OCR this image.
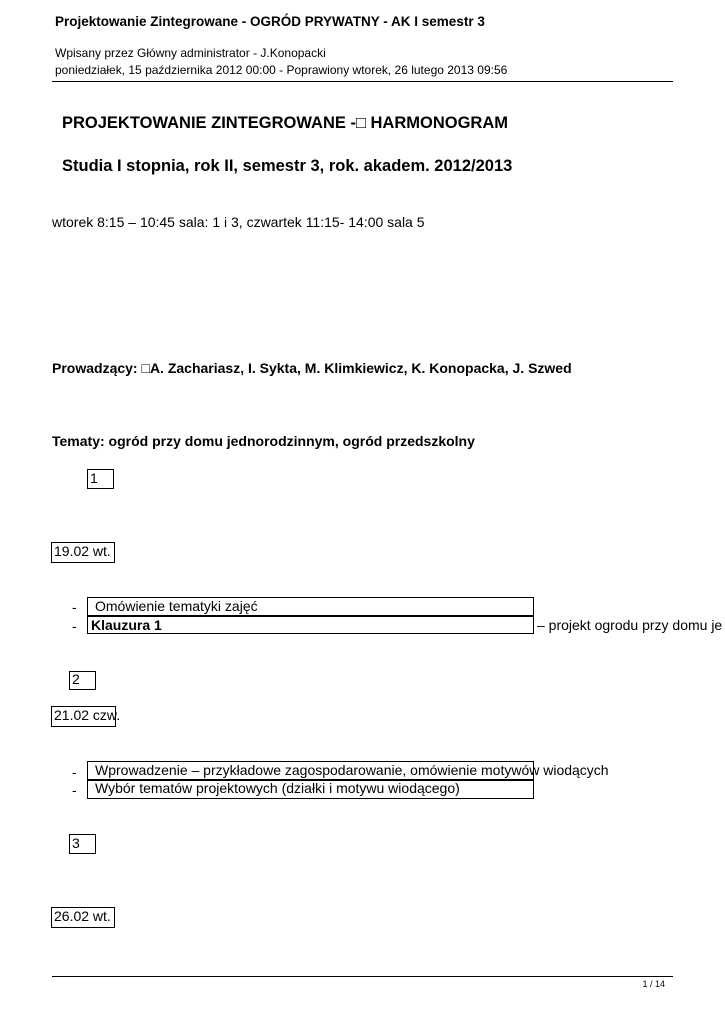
Projektowanie Zintegrowane - OGRÓD PRYWATNY - AK I semestr 3
Wpisany przez Główny administrator - J.Konopacki
poniedziałek, 15 października 2012 00:00 - Poprawiony wtorek, 26 lutego 2013 09:56
PROJEKTOWANIE ZINTEGROWANE -□ HARMONOGRAM
Studia I stopnia, rok II, semestr 3, rok. akadem. 2012/2013
wtorek 8:15 – 10:45 sala: 1 i 3, czwartek 11:15- 14:00 sala 5
Prowadzący: □A. Zachariasz, I. Sykta, M. Klimkiewicz, K. Konopacka, J. Szwed
Tematy: ogród przy domu jednorodzinnym, ogród przedszkolny
1
19.02 wt.
- Omówienie tematyki zajęć
- Klauzura 1	– projekt ogrodu przy domu je
2
21.02 czw.
- Wprowadzenie – przykładowe zagospodarowanie, omówienie motywów wiodących
- Wybór tematów projektowych (działki i motywu wiodącego)
3
26.02 wt.
1 / 14
